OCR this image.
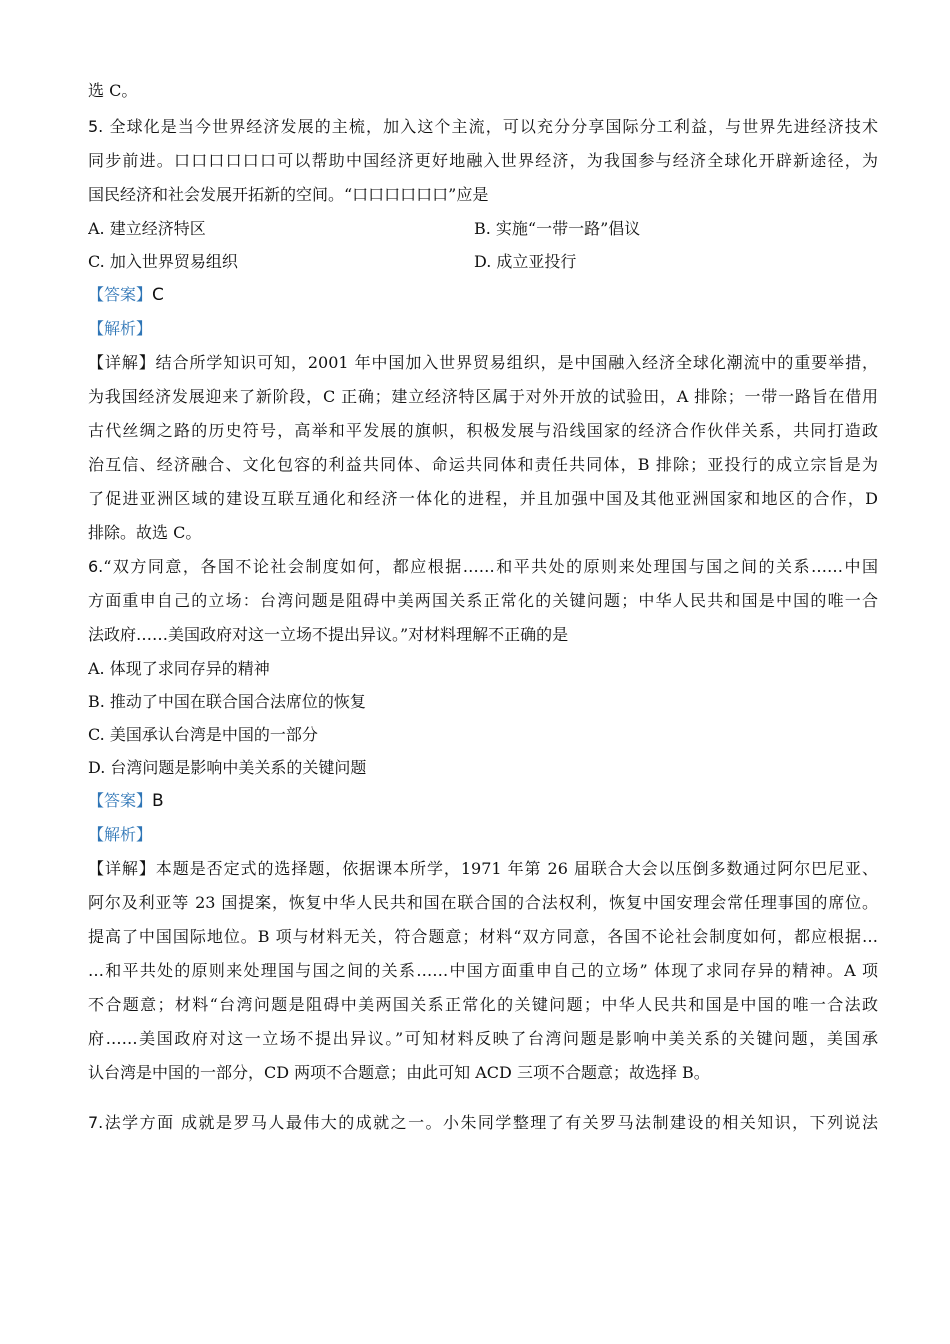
选 C。
5. 全球化是当今世界经济发展的主梳，加入这个主流，可以充分分享国际分工利益，与世界先进经济技术
同步前进。口口口口口口可以帮助中国经济更好地融入世界经济，为我国参与经济全球化开辟新途径，为
国民经济和社会发展开拓新的空间。“口口口口口口”应是
A. 建立经济特区	B. 实施“一带一路”倡议
C. 加入世界贸易组织	D. 成立亚投行
【答案】C
【解析】
【详解】结合所学知识可知，2001 年中国加入世界贸易组织，是中国融入经济全球化潮流中的重要举措，
为我国经济发展迎来了新阶段，C 正确；建立经济特区属于对外开放的试验田，A 排除；一带一路旨在借用
古代丝绸之路的历史符号，高举和平发展的旗帜，积极发展与沿线国家的经济合作伙伴关系，共同打造政
治互信、经济融合、文化包容的利益共同体、命运共同体和责任共同体，B 排除；亚投行的成立宗旨是为
了促进亚洲区域的建设互联互通化和经济一体化的进程，并且加强中国及其他亚洲国家和地区的合作，D
排除。故选 C。
6.“双方同意，各国不论社会制度如何，都应根据……和平共处的原则来处理国与国之间的关系……中国
方面重申自己的立场：台湾问题是阻碍中美两国关系正常化的关键问题；中华人民共和国是中国的唯一合
法政府……美国政府对这一立场不提出异议。”对材料理解不正确的是
A. 体现了求同存异的精神
B. 推动了中国在联合国合法席位的恢复
C. 美国承认台湾是中国的一部分
D. 台湾问题是影响中美关系的关键问题
【答案】B
【解析】
【详解】本题是否定式的选择题，依据课本所学，1971 年第 26 届联合大会以压倒多数通过阿尔巴尼亚、
阿尔及利亚等 23 国提案，恢复中华人民共和国在联合国的合法权利，恢复中国安理会常任理事国的席位。
提高了中国国际地位。B 项与材料无关，符合题意；材料“双方同意，各国不论社会制度如何，都应根据…
…和平共处的原则来处理国与国之间的关系……中国方面重申自己的立场” 体现了求同存异的精神。A 项
不合题意；材料“台湾问题是阻碍中美两国关系正常化的关键问题；中华人民共和国是中国的唯一合法政
府……美国政府对这一立场不提出异议。”可知材料反映了台湾问题是影响中美关系的关键问题，美国承
认台湾是中国的一部分，CD 两项不合题意；由此可知 ACD 三项不合题意；故选择 B。
7.法学方面 成就是罗马人最伟大的成就之一。小朱同学整理了有关罗马法制建设的相关知识，下列说法
